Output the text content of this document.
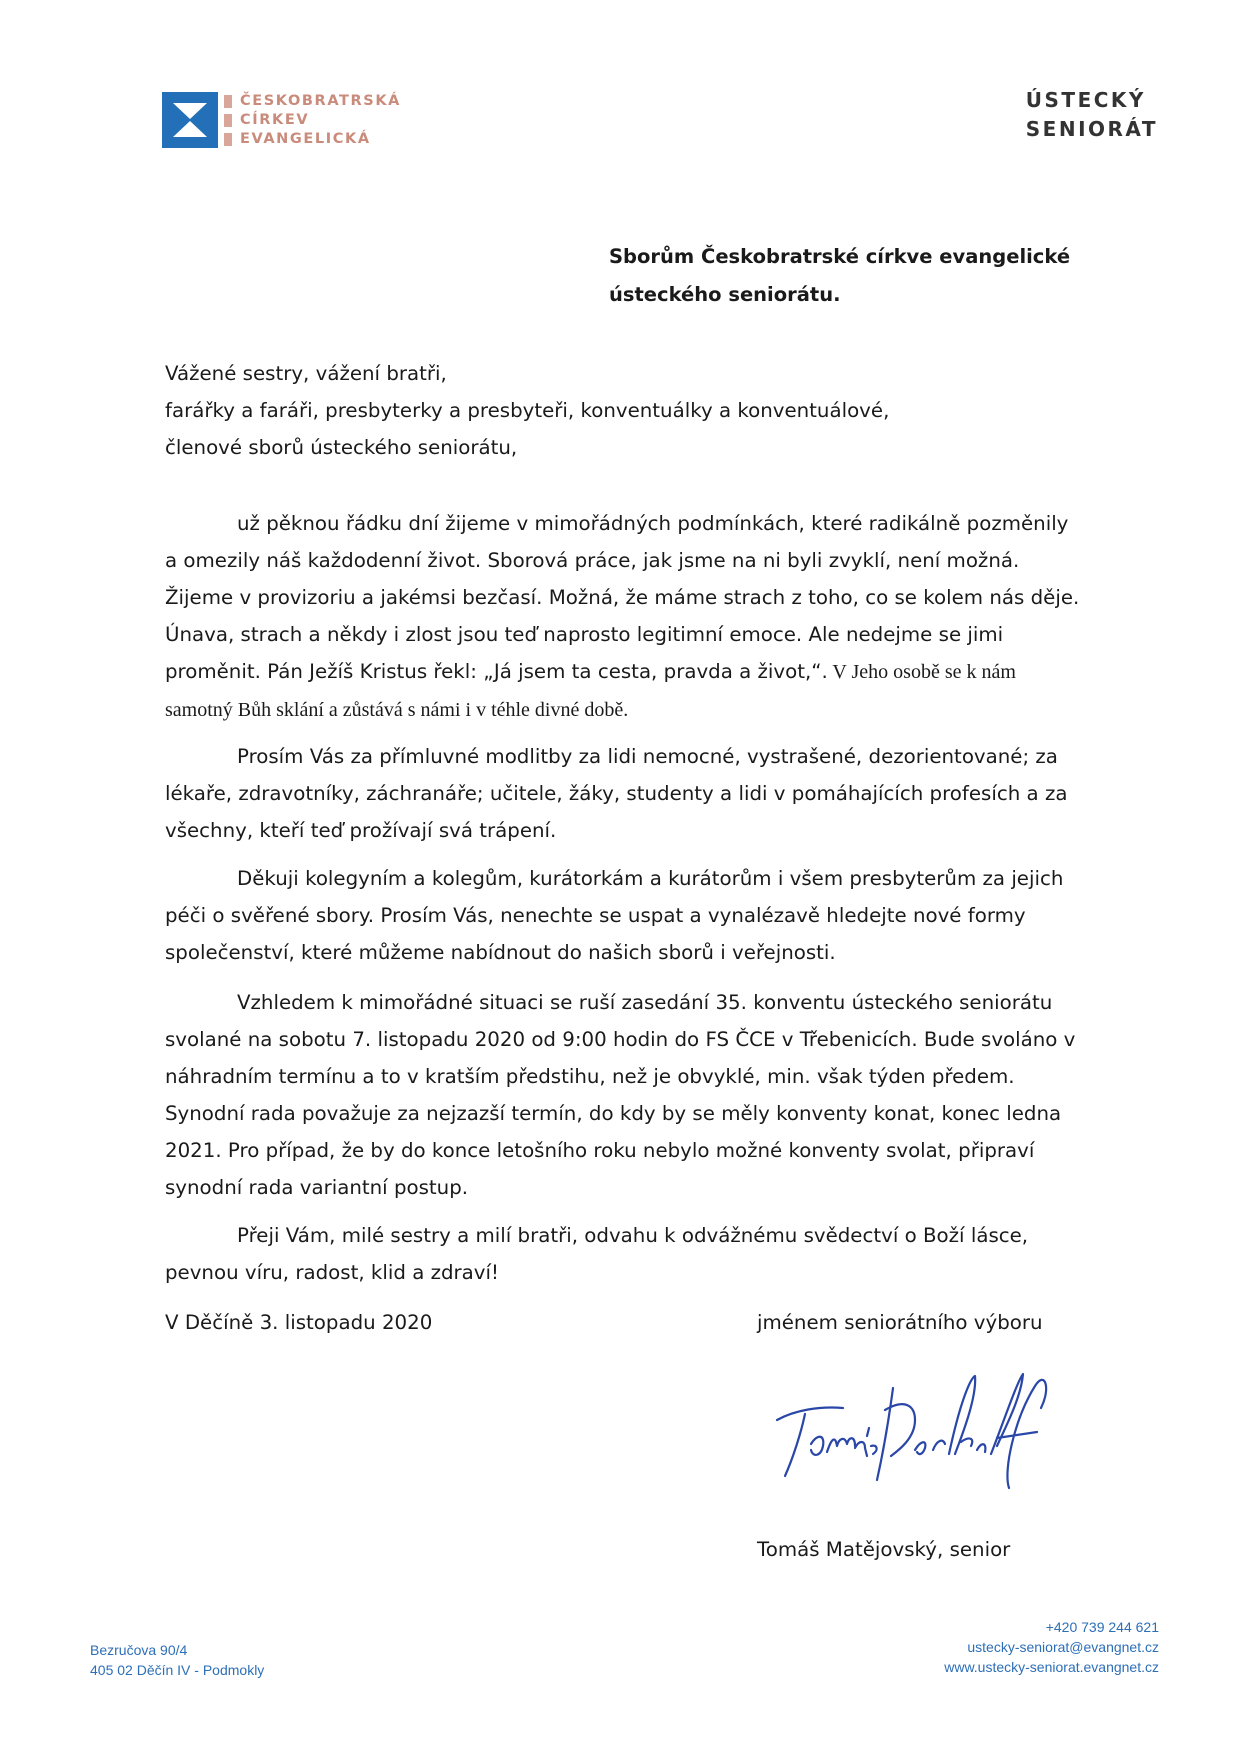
ČESKOBRATRSKÁ
CÍRKEV
EVANGELICKÁ
ÚSTECKÝ
SENIORÁT
Sborům Českobratrské církve evangelické
ústeckého seniorátu.
Vážené sestry, vážení bratři,
farářky a faráři, presbyterky a presbyteři, konventuálky a konventuálové,
členové sborů ústeckého seniorátu,

už pěknou řádku dní žijeme v mimořádných podmínkách, které radikálně pozměnily a omezily náš každodenní život. Sborová práce, jak jsme na ni byli zvyklí, není možná. Žijeme v provizoriu a jakémsi bezčasí. Možná, že máme strach z toho, co se kolem nás děje. Únava, strach a někdy i zlost jsou teď naprosto legitimní emoce. Ale nedejme se jimi proměnit. Pán Ježíš Kristus řekl: „Já jsem ta cesta, pravda a život,“. V Jeho osobě se k nám samotný Bůh sklání a zůstává s námi i v téhle divné době.

Prosím Vás za přímluvné modlitby za lidi nemocné, vystrašené, dezorientované; za lékaře, zdravotníky, záchranáře; učitele, žáky, studenty a lidi v pomáhajících profesích a za všechny, kteří teď prožívají svá trápení.

Děkuji kolegyním a kolegům, kurátorkám a kurátorům i všem presbyterům za jejich péči o svěřené sbory. Prosím Vás, nenechte se uspat a vynalézavě hledejte nové formy společenství, které můžeme nabídnout do našich sborů i veřejnosti.

Vzhledem k mimořádné situaci se ruší zasedání 35. konventu ústeckého seniorátu svolané na sobotu 7. listopadu 2020 od 9:00 hodin do FS ČCE v Třebenicích. Bude svoláno v náhradním termínu a to v kratším předstihu, než je obvyklé, min. však týden předem. Synodní rada považuje za nejzazší termín, do kdy by se měly konventy konat, konec ledna 2021. Pro případ, že by do konce letošního roku nebylo možné konventy svolat, připraví synodní rada variantní postup.

Přeji Vám, milé sestry a milí bratři, odvahu k odvážnému svědectví o Boží lásce, pevnou víru, radost, klid a zdraví!

V Děčíně 3. listopadu 2020	jménem seniorátního výboru
Tomáš Matějovský, senior
Bezručova 90/4
405 02 Děčín IV - Podmokly
+420 739 244 621
ustecky-seniorat@evangnet.cz
www.ustecky-seniorat.evangnet.cz
